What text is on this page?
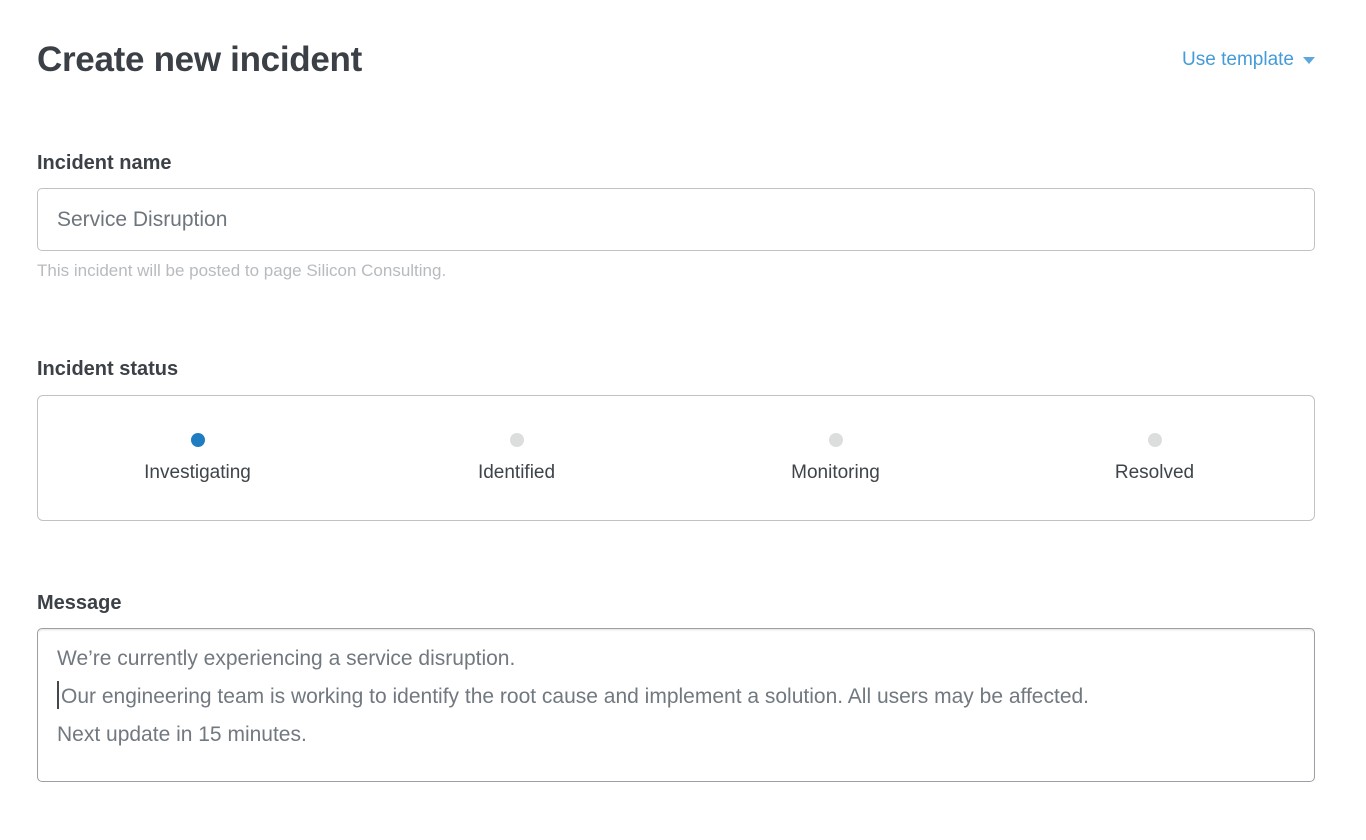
Create new incident	Use template
Incident name
Service Disruption

This incident will be posted to page Silicon Consulting.

Incident status
Investigating	Identified	Monitoring	Resolved
Message
We’re currently experiencing a service disruption.
Our engineering team is working to identify the root cause and implement a solution. All users may be affected.
Next update in 15 minutes.
